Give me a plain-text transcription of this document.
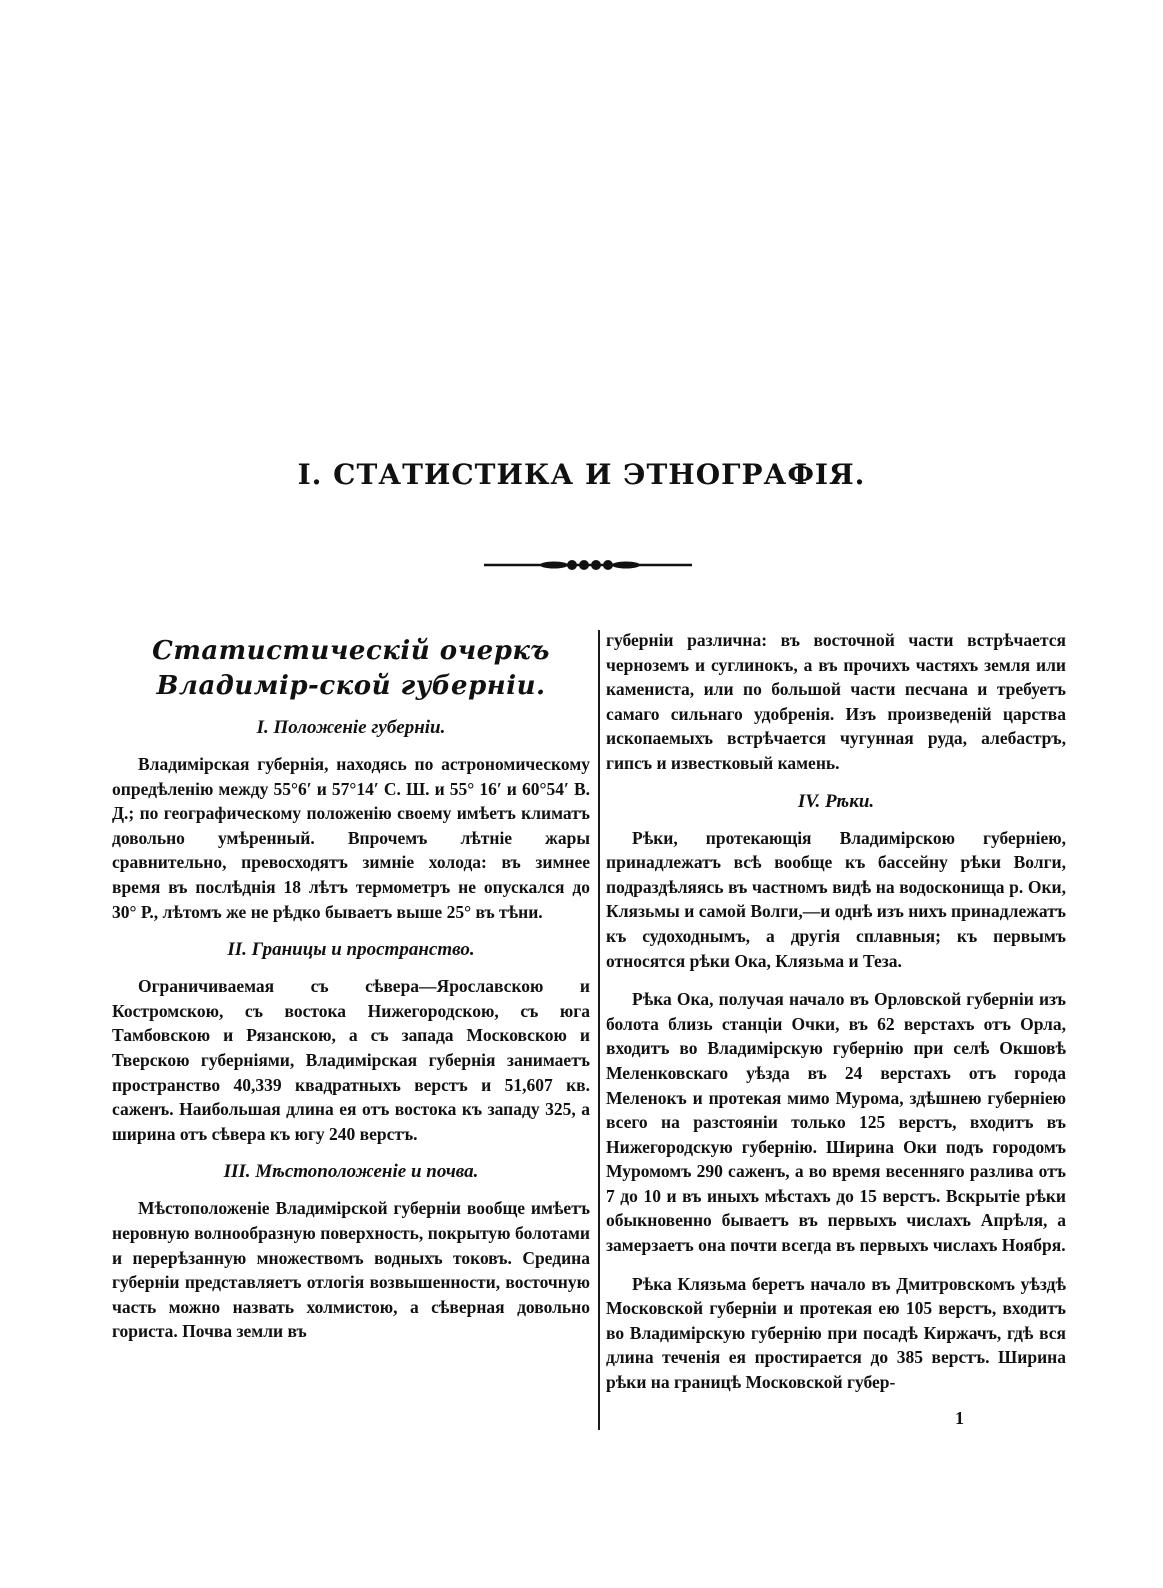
I. СТАТИСТИКА И ЭТНОГРАФІЯ.
Статистическій очеркъ Владимір-ской губерніи.
I. Положеніе губерніи.

Владимірская губернія, находясь по астрономическому опредѣленію между 55°6′ и 57°14′ С. Ш. и 55° 16′ и 60°54′ В. Д.; по географическому положенію своему имѣетъ климатъ довольно умѣренный. Впрочемъ лѣтніе жары сравнительно, превосходятъ зимніе холода: въ зимнее время въ послѣднія 18 лѣтъ термометръ не опускался до 30° Р., лѣтомъ же не рѣдко бываетъ выше 25° въ тѣни.

II. Границы и пространство.

Ограничиваемая съ сѣвера—Ярославскою и Костромскою, съ востока Нижегородскою, съ юга Тамбовскою и Рязанскою, а съ запада Московскою и Тверскою губерніями, Владимірская губернія занимаетъ пространство 40,339 квадратныхъ верстъ и 51,607 кв. саженъ. Наибольшая длина ея отъ востока къ западу 325, а ширина отъ сѣвера къ югу 240 верстъ.

III. Мѣстоположеніе и почва.

Мѣстоположеніе Владимірской губерніи вообще имѣетъ неровную волнообразную поверхность, покрытую болотами и перерѣзанную множествомъ водныхъ токовъ. Средина губерніи представляетъ отлогія возвышенности, восточную часть можно назвать холмистою, а сѣверная довольно гориста. Почва земли въ

губерніи различна: въ восточной части встрѣчается черноземъ и суглинокъ, а въ прочихъ частяхъ земля или камениста, или по большой части песчана и требуетъ самаго сильнаго удобренія. Изъ произведеній царства ископаемыхъ встрѣчается чугунная руда, алебастръ, гипсъ и известковый камень.

IV. Рѣки.

Рѣки, протекающія Владимірскою губерніею, принадлежатъ всѣ вообще къ бассейну рѣки Волги, подраздѣляясь въ частномъ видѣ на водосконища р. Оки, Клязьмы и самой Волги,—и однѣ изъ нихъ принадлежатъ къ судоходнымъ, а другія сплавныя; къ первымъ относятся рѣки Ока, Клязьма и Теза.

Рѣка Ока, получая начало въ Орловской губерніи изъ болота близь станціи Очки, въ 62 верстахъ отъ Орла, входитъ во Владимірскую губернію при селѣ Окшовѣ Меленковскаго уѣзда въ 24 верстахъ отъ города Меленокъ и протекая мимо Мурома, здѣшнею губерніею всего на разстояніи только 125 верстъ, входитъ въ Нижегородскую губернію. Ширина Оки подъ городомъ Муромомъ 290 саженъ, а во время весенняго разлива отъ 7 до 10 и въ иныхъ мѣстахъ до 15 верстъ. Вскрытіе рѣки обыкновенно бываетъ въ первыхъ числахъ Апрѣля, а замерзаетъ она почти всегда въ первыхъ числахъ Ноября.

Рѣка Клязьма беретъ начало въ Дмитровскомъ уѣздѣ Московской губерніи и протекая ею 105 верстъ, входитъ во Владимірскую губернію при посадѣ Киржачъ, гдѣ вся длина теченія ея простирается до 385 верстъ. Ширина рѣки на границѣ Московской губер-

1
